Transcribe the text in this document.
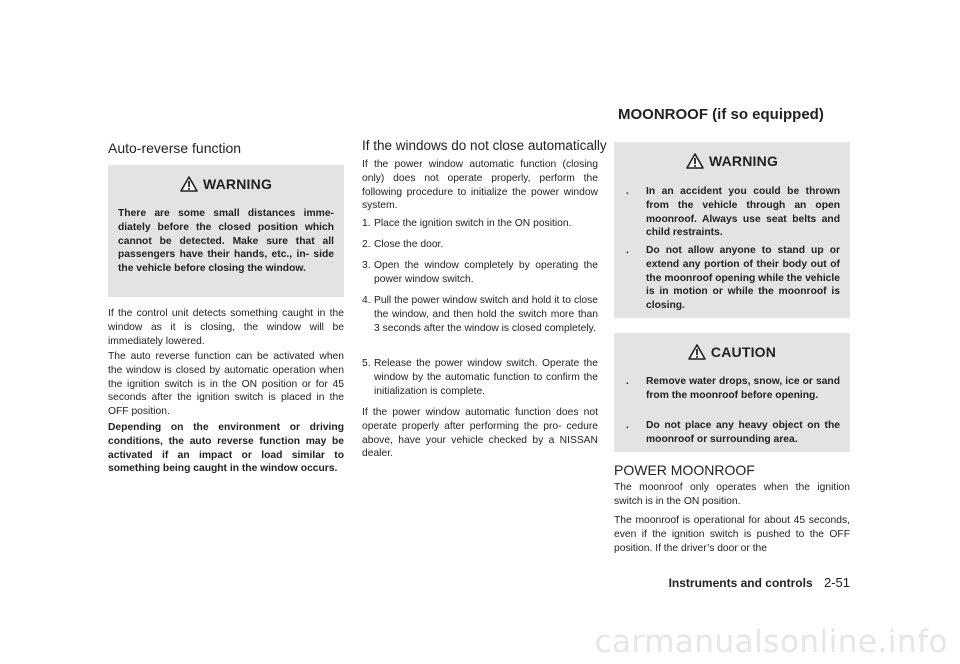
Auto-reverse function
WARNING

There are some small distances imme- diately before the closed position which cannot be detected. Make sure that all passengers have their hands, etc., in- side the vehicle before closing the window.

If the control unit detects something caught in the window as it is closing, the window will be immediately lowered.

The auto reverse function can be activated when the window is closed by automatic operation when the ignition switch is in the ON position or for 45 seconds after the ignition switch is placed in the OFF position.

Depending on the environment or driving conditions, the auto reverse function may be activated if an impact or load similar to something being caught in the window occurs.

If the windows do not close automatically

If the power window automatic function (closing only) does not operate properly, perform the following procedure to initialize the power window system.

1. Place the ignition switch in the ON position.
2. Close the door.
3. Open the window completely by operating the power window switch.
4. Pull the power window switch and hold it to close the window, and then hold the switch more than 3 seconds after the window is closed completely.
5. Release the power window switch. Operate the window by the automatic function to confirm the initialization is complete.

If the power window automatic function does not operate properly after performing the pro- cedure above, have your vehicle checked by a NISSAN dealer.

MOONROOF (if so equipped)
WARNING
. In an accident you could be thrown from the vehicle through an open moonroof. Always use seat belts and child restraints.
. Do not allow anyone to stand up or extend any portion of their body out of the moonroof opening while the vehicle is in motion or while the moonroof is closing.
CAUTION
. Remove water drops, snow, ice or sand from the moonroof before opening.
. Do not place any heavy object on the moonroof or surrounding area.
POWER MOONROOF

The moonroof only operates when the ignition switch is in the ON position.

The moonroof is operational for about 45 seconds, even if the ignition switch is pushed to the OFF position. If the driver’s door or the

Instruments and controls 2-51
carmanualsonline.info
